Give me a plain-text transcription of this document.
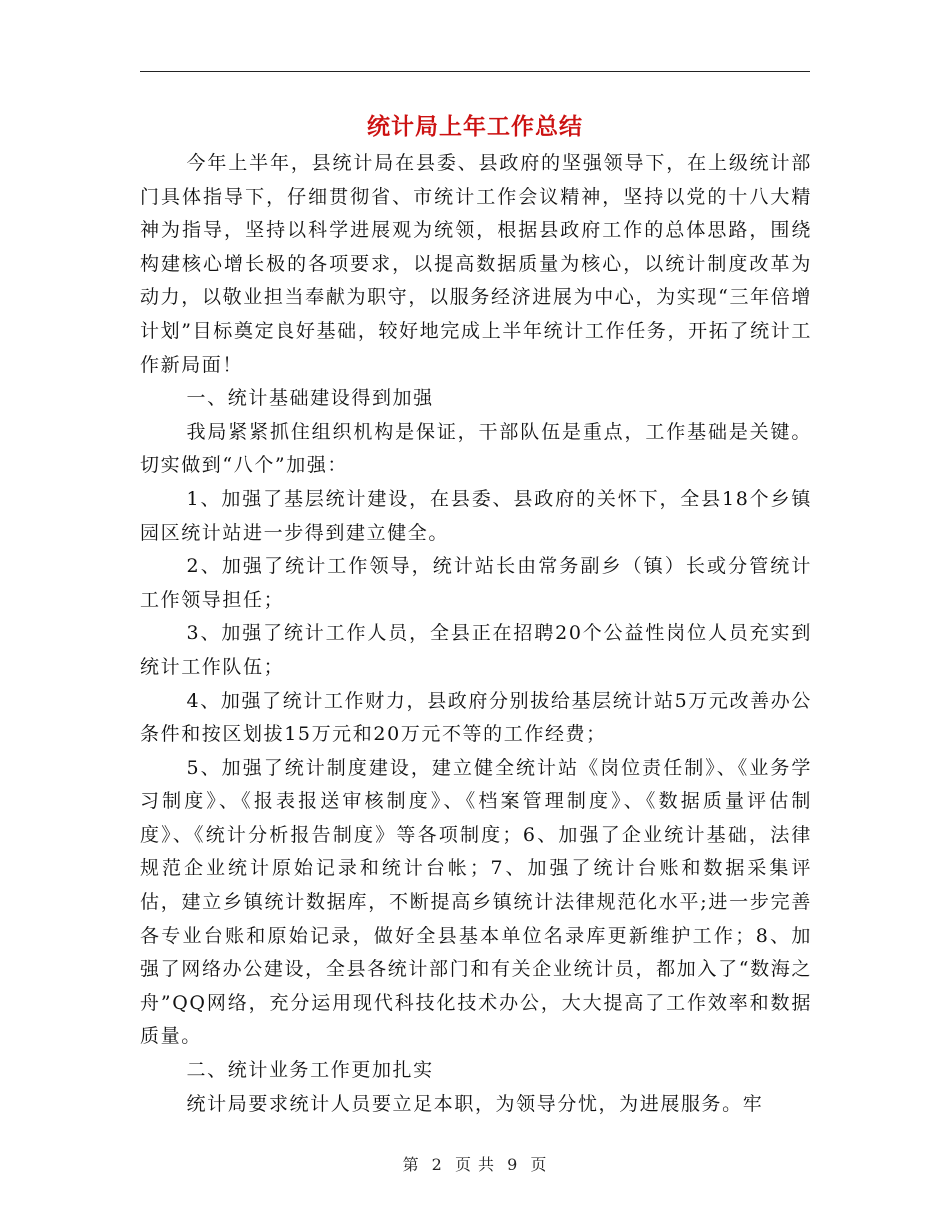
统计局上年工作总结

今年上半年，县统计局在县委、县政府的坚强领导下，在上级统计部门具体指导下，仔细贯彻省、市统计工作会议精神，坚持以党的十八大精神为指导，坚持以科学进展观为统领，根据县政府工作的总体思路，围绕构建核心增长极的各项要求，以提高数据质量为核心，以统计制度改革为动力，以敬业担当奉献为职守，以服务经济进展为中心，为实现“三年倍增计划”目标奠定良好基础，较好地完成上半年统计工作任务，开拓了统计工作新局面！

一、统计基础建设得到加强

我局紧紧抓住组织机构是保证，干部队伍是重点，工作基础是关键。切实做到“八个”加强：

1、加强了基层统计建设，在县委、县政府的关怀下，全县18个乡镇园区统计站进一步得到建立健全。

2、加强了统计工作领导，统计站长由常务副乡（镇）长或分管统计工作领导担任；

3、加强了统计工作人员，全县正在招聘20个公益性岗位人员充实到统计工作队伍；

4、加强了统计工作财力，县政府分别拔给基层统计站5万元改善办公条件和按区划拔15万元和20万元不等的工作经费；

5、加强了统计制度建设，建立健全统计站《岗位责任制》、《业务学习制度》、《报表报送审核制度》、《档案管理制度》、《数据质量评估制度》、《统计分析报告制度》等各项制度；6、加强了企业统计基础，法律规范企业统计原始记录和统计台帐；7、加强了统计台账和数据采集评估，建立乡镇统计数据库，不断提高乡镇统计法律规范化水平;进一步完善各专业台账和原始记录，做好全县基本单位名录库更新维护工作；8、加强了网络办公建设，全县各统计部门和有关企业统计员，都加入了“数海之舟”QQ网络，充分运用现代科技化技术办公，大大提高了工作效率和数据质量。

二、统计业务工作更加扎实

统计局要求统计人员要立足本职，为领导分忧，为进展服务。牢

第 2 页 共 9 页
